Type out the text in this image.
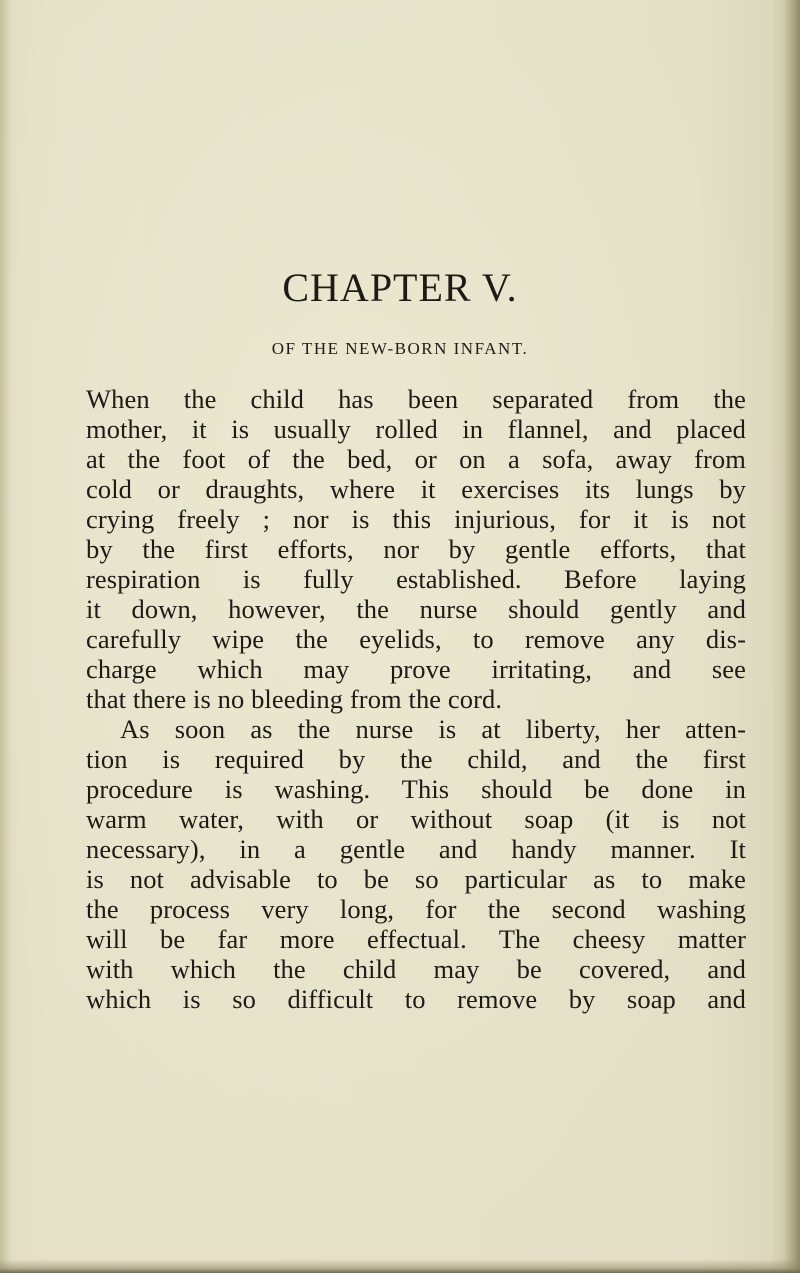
CHAPTER V.
OF THE NEW-BORN INFANT.
When the child has been separated from the
mother, it is usually rolled in flannel, and placed
at the foot of the bed, or on a sofa, away from
cold or draughts, where it exercises its lungs by
crying freely ; nor is this injurious, for it is not
by the first efforts, nor by gentle efforts, that
respiration is fully established. Before laying
it down, however, the nurse should gently and
carefully wipe the eyelids, to remove any dis-
charge which may prove irritating, and see
that there is no bleeding from the cord.
As soon as the nurse is at liberty, her atten-
tion is required by the child, and the first
procedure is washing. This should be done in
warm water, with or without soap (it is not
necessary), in a gentle and handy manner. It
is not advisable to be so particular as to make
the process very long, for the second washing
will be far more effectual. The cheesy matter
with which the child may be covered, and
which is so difficult to remove by soap and
